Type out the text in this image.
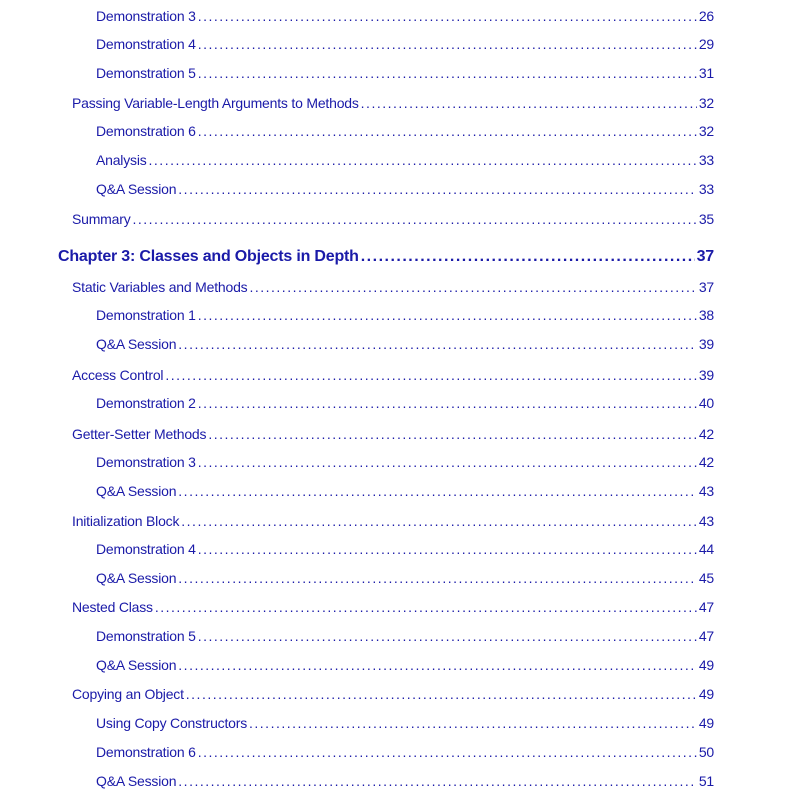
Demonstration 3 .....	26
Demonstration 4 .....	29
Demonstration 5 .....	31
Passing Variable-Length Arguments to Methods .....	32
Demonstration 6 .....	32
Analysis .....	33
Q&A Session .....	33
Summary .....	35
Chapter 3: Classes and Objects in Depth .....	37
Static Variables and Methods .....	37
Demonstration 1 .....	38
Q&A Session .....	39
Access Control .....	39
Demonstration 2 .....	40
Getter-Setter Methods .....	42
Demonstration 3 .....	42
Q&A Session .....	43
Initialization Block .....	43
Demonstration 4 .....	44
Q&A Session .....	45
Nested Class .....	47
Demonstration 5 .....	47
Q&A Session .....	49
Copying an Object .....	49
Using Copy Constructors .....	49
Demonstration 6 .....	50
Q&A Session .....	51
